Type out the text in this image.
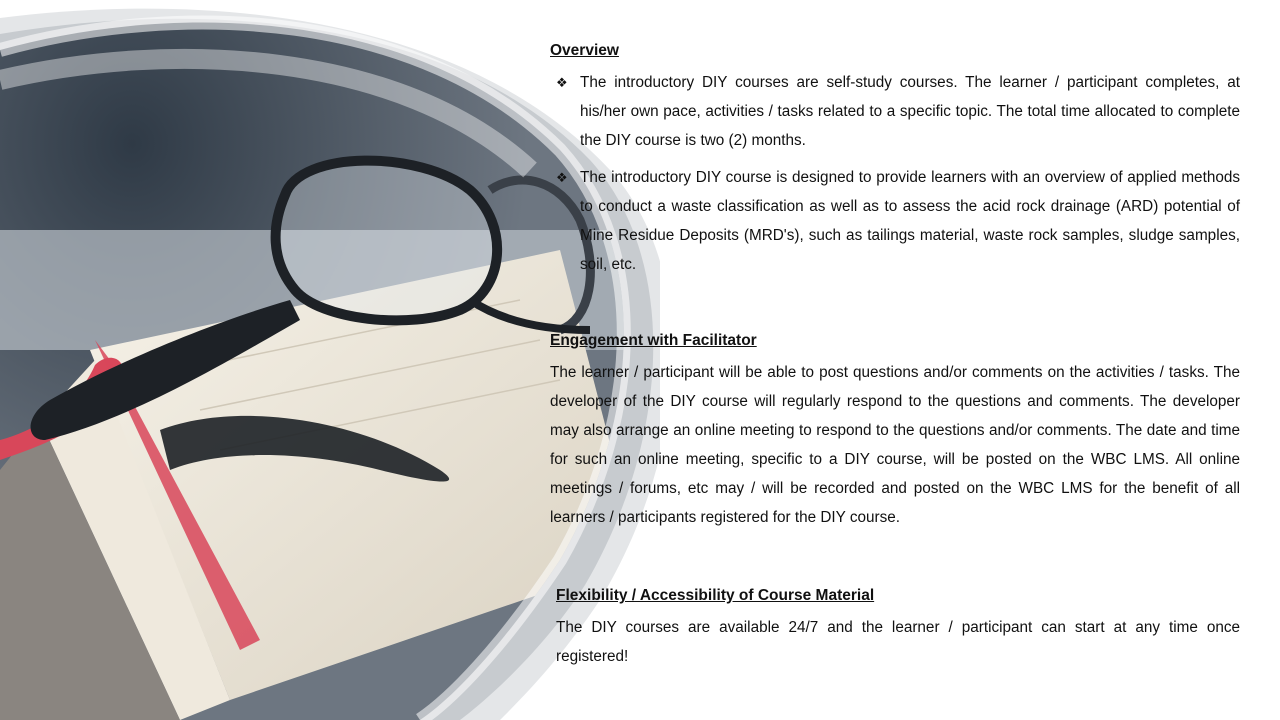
Overview

❖ The introductory DIY courses are self-study courses. The learner / participant completes, at his/her own pace, activities / tasks related to a specific topic. The total time allocated to complete the DIY course is two (2) months.
❖ The introductory DIY course is designed to provide learners with an overview of applied methods to conduct a waste classification as well as to assess the acid rock drainage (ARD) potential of Mine Residue Deposits (MRD's), such as tailings material, waste rock samples, sludge samples, soil, etc.

Engagement with Facilitator

The learner / participant will be able to post questions and/or comments on the activities / tasks. The developer of the DIY course will regularly respond to the questions and comments. The developer may also arrange an online meeting to respond to the questions and/or comments. The date and time for such an online meeting, specific to a DIY course, will be posted on the WBC LMS. All online meetings / forums, etc may / will be recorded and posted on the WBC LMS for the benefit of all learners / participants registered for the DIY course.

Flexibility / Accessibility of Course Material

The DIY courses are available 24/7 and the learner / participant can start at any time once registered!
